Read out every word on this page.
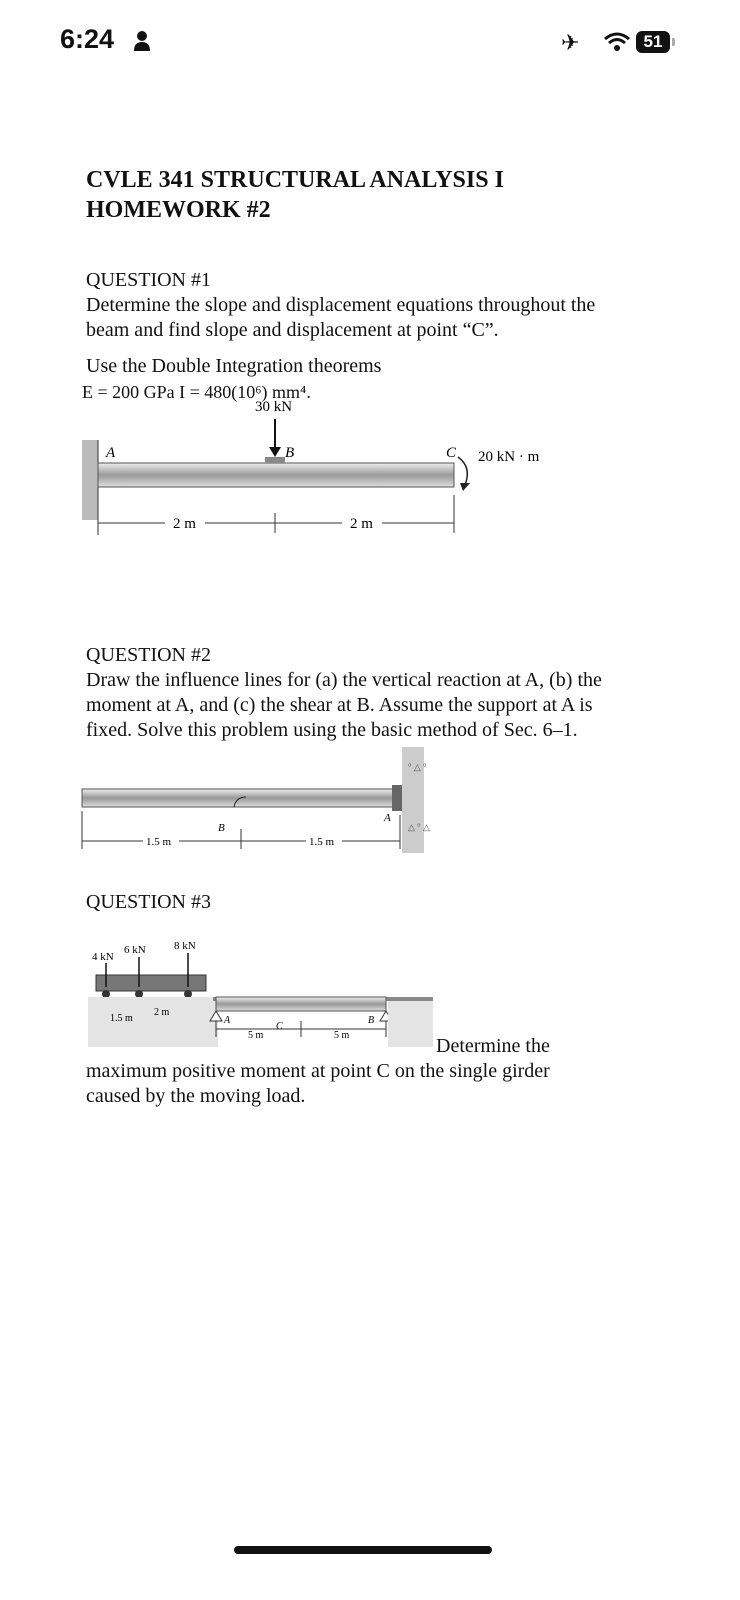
6:24	✈	51
CVLE 341 STRUCTURAL ANALYSIS I
HOMEWORK #2
QUESTION #1
Determine the slope and displacement equations throughout the
beam and find slope and displacement at point “C”.
Use the Double Integration theorems
E = 200 GPa I = 480(10⁶) mm⁴.
30 kN
B
A	C 20 kN · m
2 m	2 m
QUESTION #2
Draw the influence lines for (a) the vertical reaction at A, (b) the
moment at A, and (c) the shear at B. Assume the support at A is
fixed. Solve this problem using the basic method of Sec. 6–1.
° △ °
△ ° △
B
A
1.5 m	1.5 m
QUESTION #3
4 kN
6 kN	8 kN
1.5 m
2 m
A	B
C
5 m	5 m	Determine the
maximum positive moment at point C on the single girder
caused by the moving load.
